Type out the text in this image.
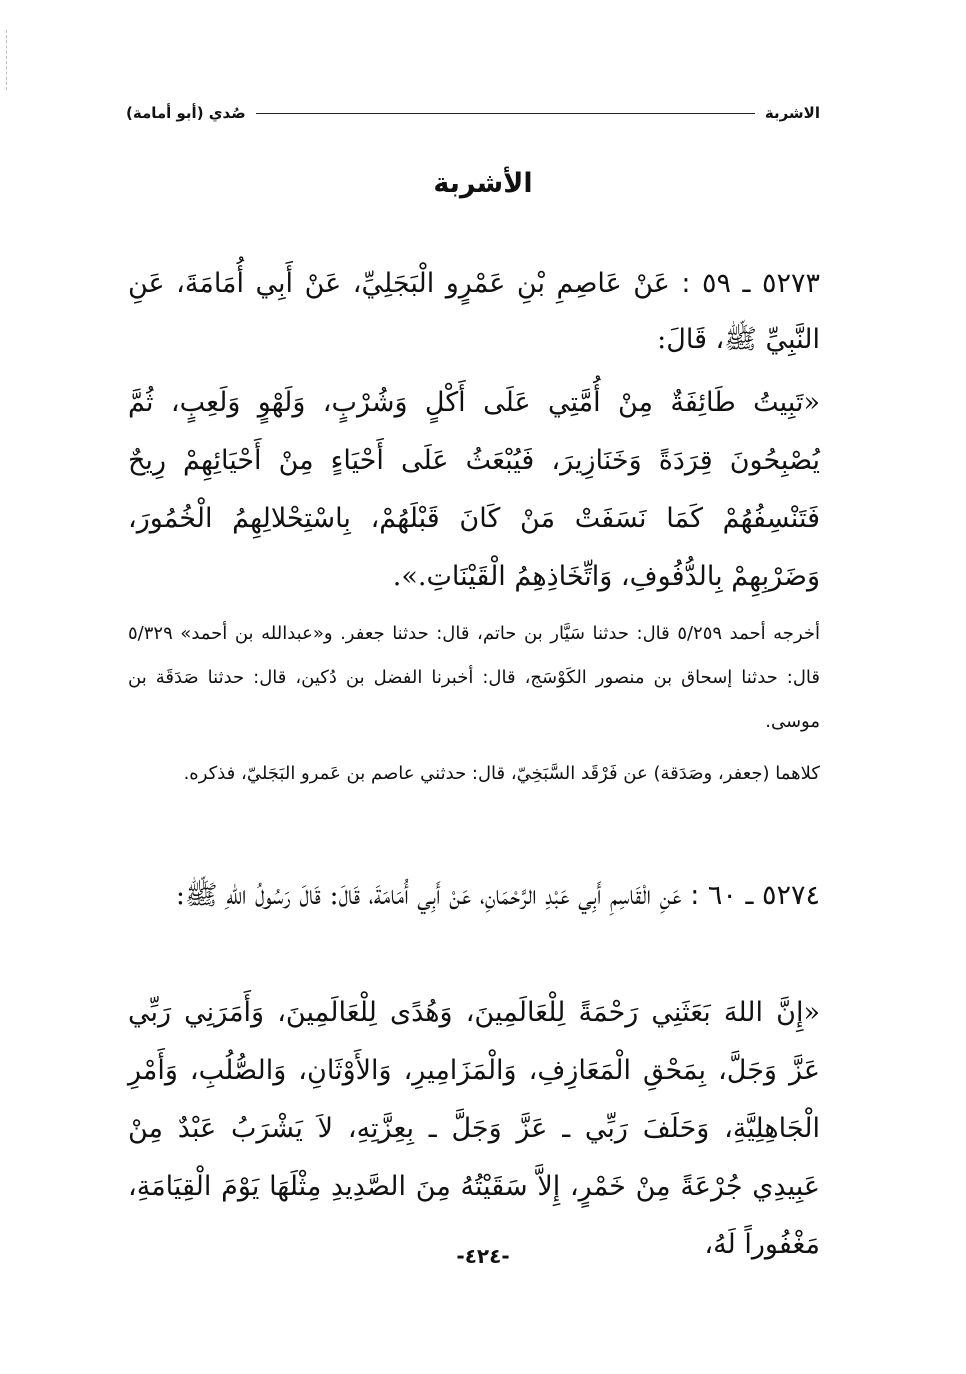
الاشربة
صُدي (أبو أمامة)
الأشربة
٥٢٧٣ ـ ٥٩ : عَنْ عَاصِمِ بْنِ عَمْرٍو الْبَجَلِيِّ، عَنْ أَبِي أُمَامَةَ، عَنِ النَّبِيِّ ﷺ، قَالَ:
«تَبِيتُ طَائِفَةٌ مِنْ أُمَّتِي عَلَى أَكْلٍ وَشُرْبٍ، وَلَهْوٍ وَلَعِبٍ، ثُمَّ يُصْبِحُونَ قِرَدَةً وَخَنَازِيرَ، فَيُبْعَثُ عَلَى أَحْيَاءٍ مِنْ أَحْيَائِهِمْ رِيحٌ فَتَنْسِفُهُمْ كَمَا نَسَفَتْ مَنْ كَانَ قَبْلَهُمْ، بِاسْتِحْلالِهِمُ الْخُمُورَ، وَضَرْبِهِمْ بِالدُّفُوفِ، وَاتِّخَاذِهِمُ الْقَيْنَاتِ.».
أخرجه أحمد ٥/٢٥٩ قال: حدثنا سَيَّار بن حاتم، قال: حدثنا جعفر. و«عبدالله بن أحمد» ٥/٣٢٩ قال: حدثنا إسحاق بن منصور الكَوْسَج، قال: أخبرنا الفضل بن دُكين، قال: حدثنا صَدَقَة بن موسى.
كلاهما (جعفر، وصَدَقة) عن فَرْقَد السَّبَخِيّ، قال: حدثني عاصم بن عَمرو البَجَليّ، فذكره.
٥٢٧٤ ـ ٦٠ : عَنِ الْقَاسِمِ أَبِي عَبْدِ الرَّحْمَانِ، عَنْ أَبِي أُمَامَةَ، قَالَ: قَالَ رَسُولُ اللهِ ﷺ:
«إِنَّ اللهَ بَعَثَنِي رَحْمَةً لِلْعَالَمِينَ، وَهُدًى لِلْعَالَمِينَ، وَأَمَرَنِي رَبِّي عَزَّ وَجَلَّ، بِمَحْقِ الْمَعَازِفِ، وَالْمَزَامِيرِ، وَالأَوْثَانِ، وَالصُّلُبِ، وَأَمْرِ الْجَاهِلِيَّةِ، وَحَلَفَ رَبِّي ـ عَزَّ وَجَلَّ ـ بِعِزَّتِهِ، لاَ يَشْرَبُ عَبْدٌ مِنْ عَبِيدِي جُرْعَةً مِنْ خَمْرٍ، إِلاَّ سَقَيْتُهُ مِنَ الصَّدِيدِ مِثْلَهَا يَوْمَ الْقِيَامَةِ، مَغْفُوراً لَهُ،
-٤٢٤-
